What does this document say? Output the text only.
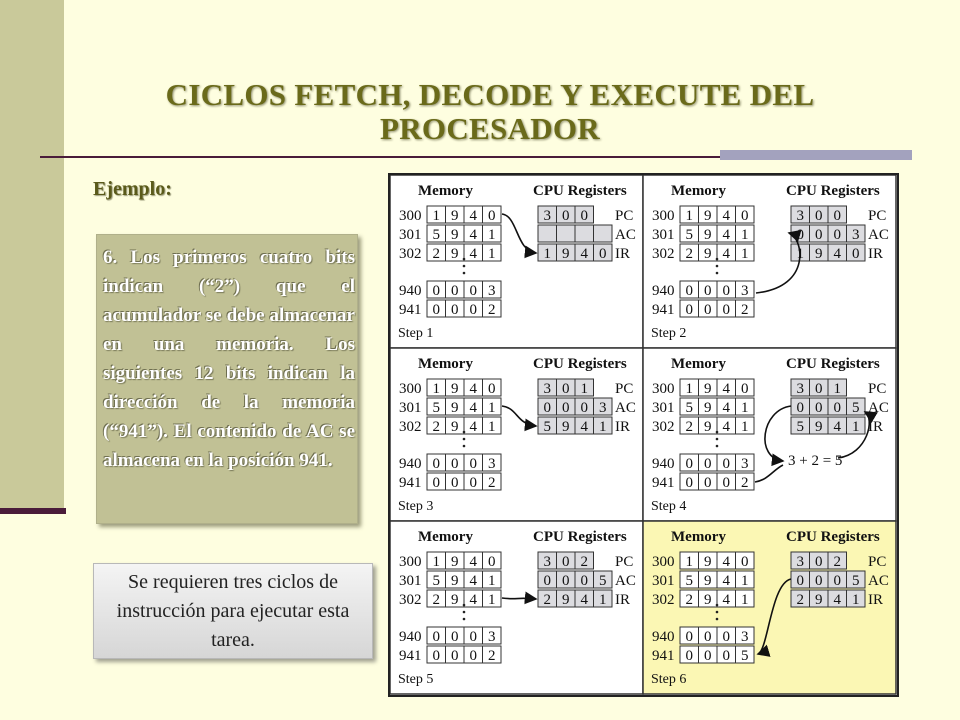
CICLOS FETCH, DECODE Y EXECUTE DEL PROCESADOR
Ejemplo:
6. Los primeros cuatro bits indican (“2”) que el acumulador se debe almacenar en una memoria. Los siguientes 12 bits indican la dirección de la memoria (“941”). El contenido de AC se almacena en la posición 941.
Se requieren tres ciclos de instrucción para ejecutar esta tarea.
Memory	CPU Registers
Step 1
300 1 9 4 0
301 5 9 4 1
302 2 9 4 1
940 0 0 0 3
941 0 0 0 2
3 0 0 PC
AC
1 9 4 0 IR
Memory	CPU Registers
Step 2
300 1 9 4 0
301 5 9 4 1
302 2 9 4 1
940 0 0 0 3
941 0 0 0 2
3 0 0 PC
0 0 0 3 AC
1 9 4 0 IR
Memory	CPU Registers
Step 3
300 1 9 4 0
301 5 9 4 1
302 2 9 4 1
940 0 0 0 3
941 0 0 0 2
3 0 1 PC
0 0 0 3 AC
5 9 4 1 IR
Memory	CPU Registers
Step 4
300 1 9 4 0
301 5 9 4 1
302 2 9 4 1
940 0 0 0 3
941 0 0 0 2
3 0 1 PC
0 0 0 5 AC
5 9 4 1 IR
3 + 2 = 5
Memory	CPU Registers
Step 5
300 1 9 4 0
301 5 9 4 1
302 2 9 4 1
940 0 0 0 3
941 0 0 0 2
3 0 2 PC
0 0 0 5 AC
2 9 4 1 IR
Memory	CPU Registers
Step 6
300 1 9 4 0
301 5 9 4 1
302 2 9 4 1
940 0 0 0 3
941 0 0 0 5
3 0 2 PC
0 0 0 5 AC
2 9 4 1 IR
